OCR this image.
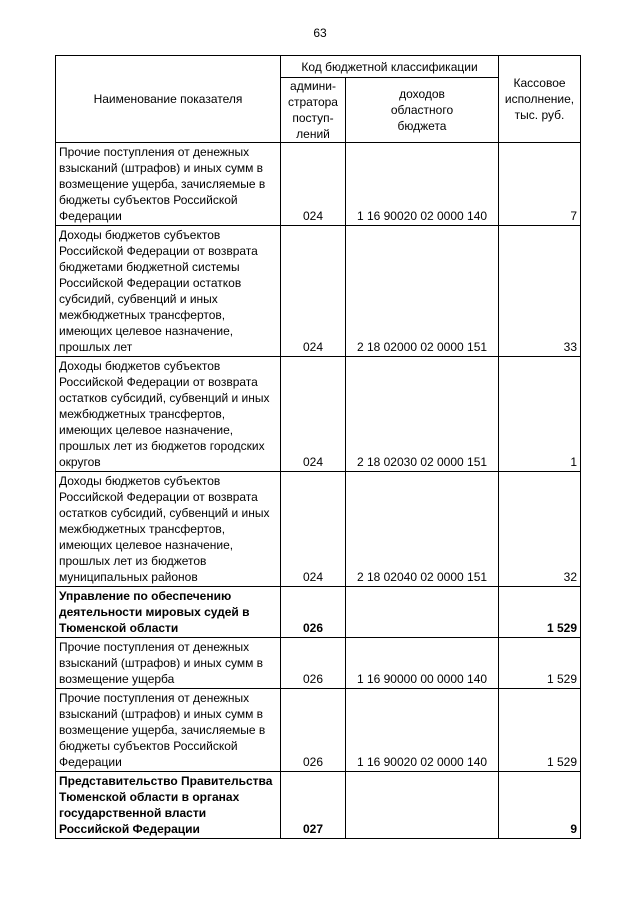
63
Наименование показателя	Код бюджетной классификации		Кассовое
исполнение,
тыс. руб.
	админи-
стратора
поступ-
лений	доходов
областного
бюджета	
Прочие поступления от денежных взысканий (штрафов) и иных сумм в возмещение ущерба, зачисляемые в бюджеты субъектов Российской Федерации	024	1 16 90020 02 0000 140	7
Доходы бюджетов субъектов Российской Федерации от возврата бюджетами бюджетной системы Российской Федерации остатков субсидий, субвенций и иных межбюджетных трансфертов, имеющих целевое назначение, прошлых лет	024	2 18 02000 02 0000 151	33
Доходы бюджетов субъектов Российской Федерации от возврата остатков субсидий, субвенций и иных межбюджетных трансфертов, имеющих целевое назначение, прошлых лет из бюджетов городских округов	024	2 18 02030 02 0000 151	1
Доходы бюджетов субъектов Российской Федерации от возврата остатков субсидий, субвенций и иных межбюджетных трансфертов, имеющих целевое назначение, прошлых лет из бюджетов муниципальных районов	024	2 18 02040 02 0000 151	32
Управление по обеспечению деятельности мировых судей в Тюменской области	026		1 529
Прочие поступления от денежных взысканий (штрафов) и иных сумм в возмещение ущерба	026	1 16 90000 00 0000 140	1 529
Прочие поступления от денежных взысканий (штрафов) и иных сумм в возмещение ущерба, зачисляемые в бюджеты субъектов Российской Федерации	026	1 16 90020 02 0000 140	1 529
Представительство Правительства Тюменской области в органах государственной власти Российской Федерации	027		9
